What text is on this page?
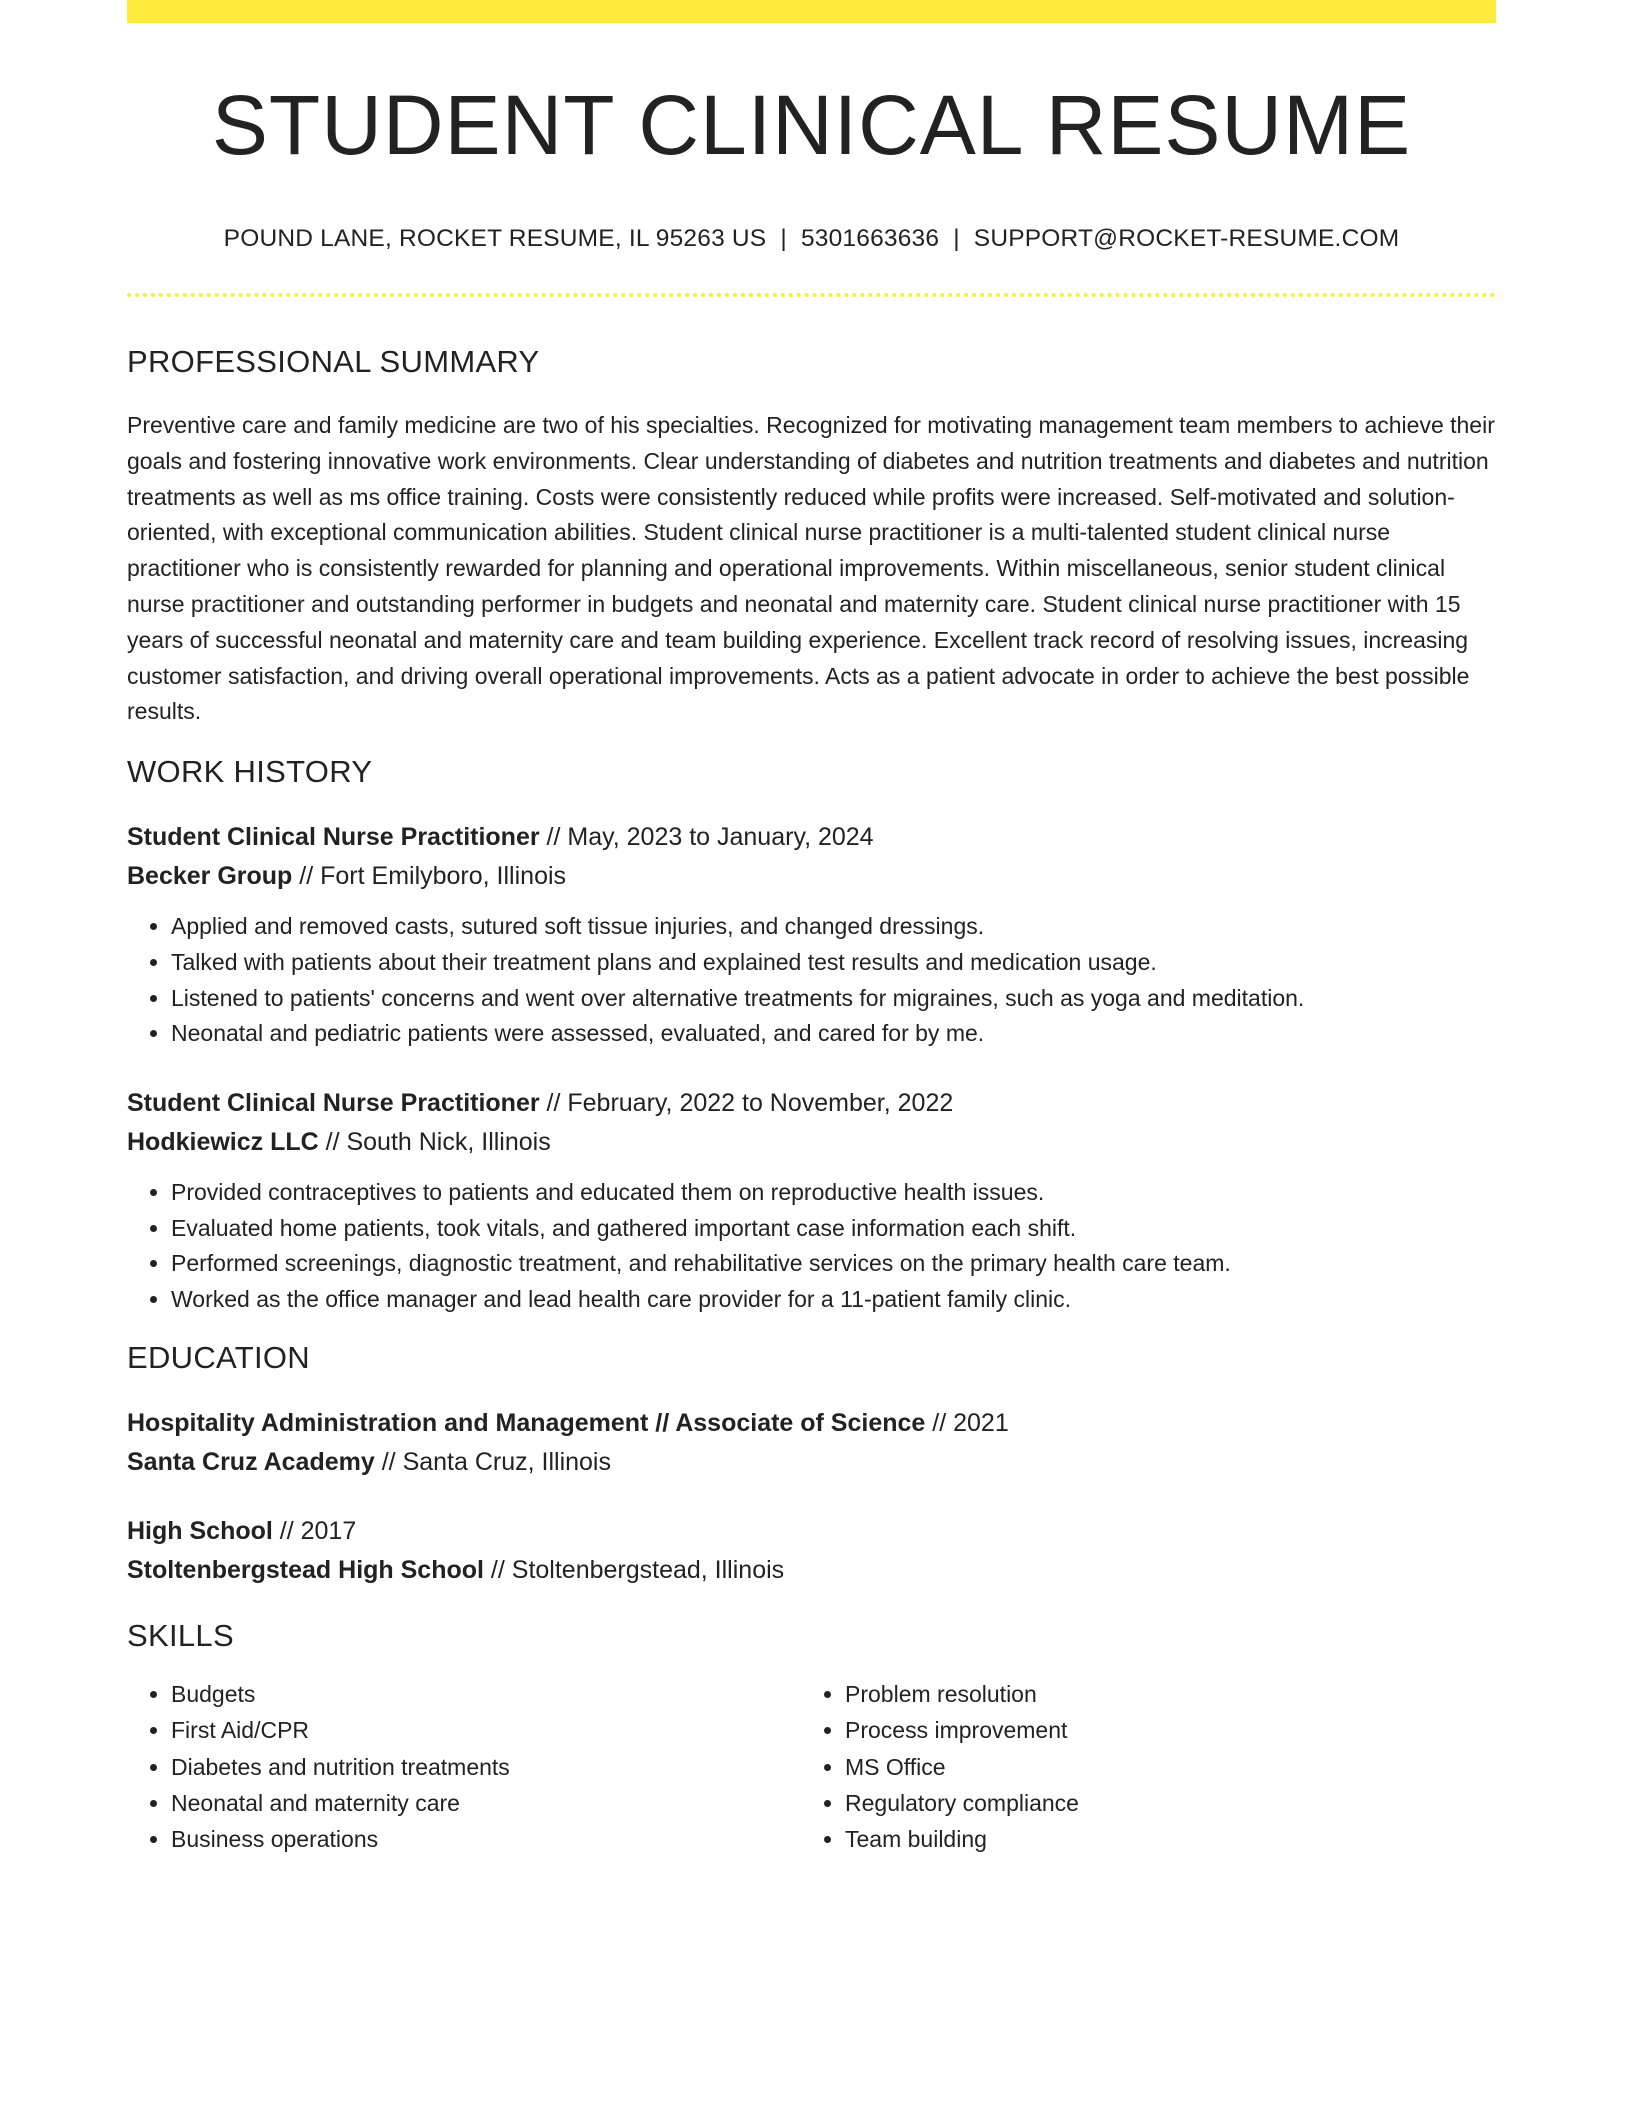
STUDENT CLINICAL RESUME
POUND LANE, ROCKET RESUME, IL 95263 US | 5301663636 | SUPPORT@ROCKET-RESUME.COM
PROFESSIONAL SUMMARY
Preventive care and family medicine are two of his specialties. Recognized for motivating management team members to achieve their goals and fostering innovative work environments. Clear understanding of diabetes and nutrition treatments and diabetes and nutrition treatments as well as ms office training. Costs were consistently reduced while profits were increased. Self-motivated and solution-oriented, with exceptional communication abilities. Student clinical nurse practitioner is a multi-talented student clinical nurse practitioner who is consistently rewarded for planning and operational improvements. Within miscellaneous, senior student clinical nurse practitioner and outstanding performer in budgets and neonatal and maternity care. Student clinical nurse practitioner with 15 years of successful neonatal and maternity care and team building experience. Excellent track record of resolving issues, increasing customer satisfaction, and driving overall operational improvements. Acts as a patient advocate in order to achieve the best possible results.
WORK HISTORY
Student Clinical Nurse Practitioner // May, 2023 to January, 2024
Becker Group // Fort Emilyboro, Illinois
• Applied and removed casts, sutured soft tissue injuries, and changed dressings.
• Talked with patients about their treatment plans and explained test results and medication usage.
• Listened to patients' concerns and went over alternative treatments for migraines, such as yoga and meditation.
• Neonatal and pediatric patients were assessed, evaluated, and cared for by me.
Student Clinical Nurse Practitioner // February, 2022 to November, 2022
Hodkiewicz LLC // South Nick, Illinois
• Provided contraceptives to patients and educated them on reproductive health issues.
• Evaluated home patients, took vitals, and gathered important case information each shift.
• Performed screenings, diagnostic treatment, and rehabilitative services on the primary health care team.
• Worked as the office manager and lead health care provider for a 11-patient family clinic.
EDUCATION
Hospitality Administration and Management // Associate of Science // 2021
Santa Cruz Academy // Santa Cruz, Illinois
High School // 2017
Stoltenbergstead High School // Stoltenbergstead, Illinois
SKILLS
• Budgets
• First Aid/CPR
• Diabetes and nutrition treatments
• Neonatal and maternity care
• Business operations
• Problem resolution
• Process improvement
• MS Office
• Regulatory compliance
• Team building
